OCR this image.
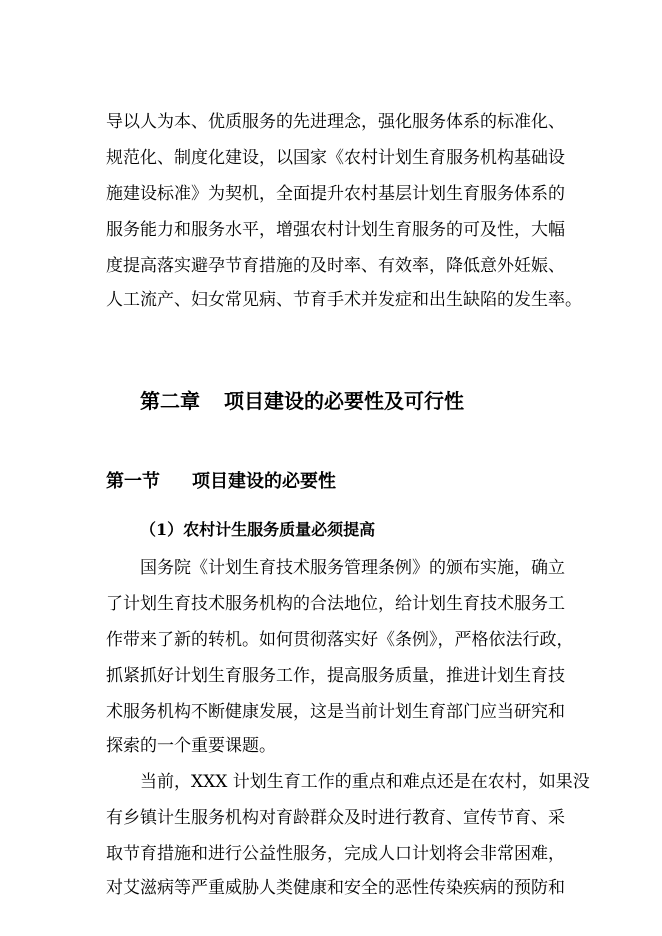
导以人为本、优质服务的先进理念，强化服务体系的标准化、
规范化、制度化建设，以国家《农村计划生育服务机构基础设
施建设标准》为契机，全面提升农村基层计划生育服务体系的
服务能力和服务水平，增强农村计划生育服务的可及性，大幅
度提高落实避孕节育措施的及时率、有效率，降低意外妊娠、
人工流产、妇女常见病、节育手术并发症和出生缺陷的发生率。
第二章 项目建设的必要性及可行性
第一节 项目建设的必要性
（1）农村计生服务质量必须提高
国务院《计划生育技术服务管理条例》的颁布实施，确立
了计划生育技术服务机构的合法地位，给计划生育技术服务工
作带来了新的转机。如何贯彻落实好《条例》，严格依法行政，
抓紧抓好计划生育服务工作，提高服务质量，推进计划生育技
术服务机构不断健康发展，这是当前计划生育部门应当研究和
探索的一个重要课题。
当前，XXX 计划生育工作的重点和难点还是在农村，如果没
有乡镇计生服务机构对育龄群众及时进行教育、宣传节育、采
取节育措施和进行公益性服务，完成人口计划将会非常困难，
对艾滋病等严重威胁人类健康和安全的恶性传染疾病的预防和
